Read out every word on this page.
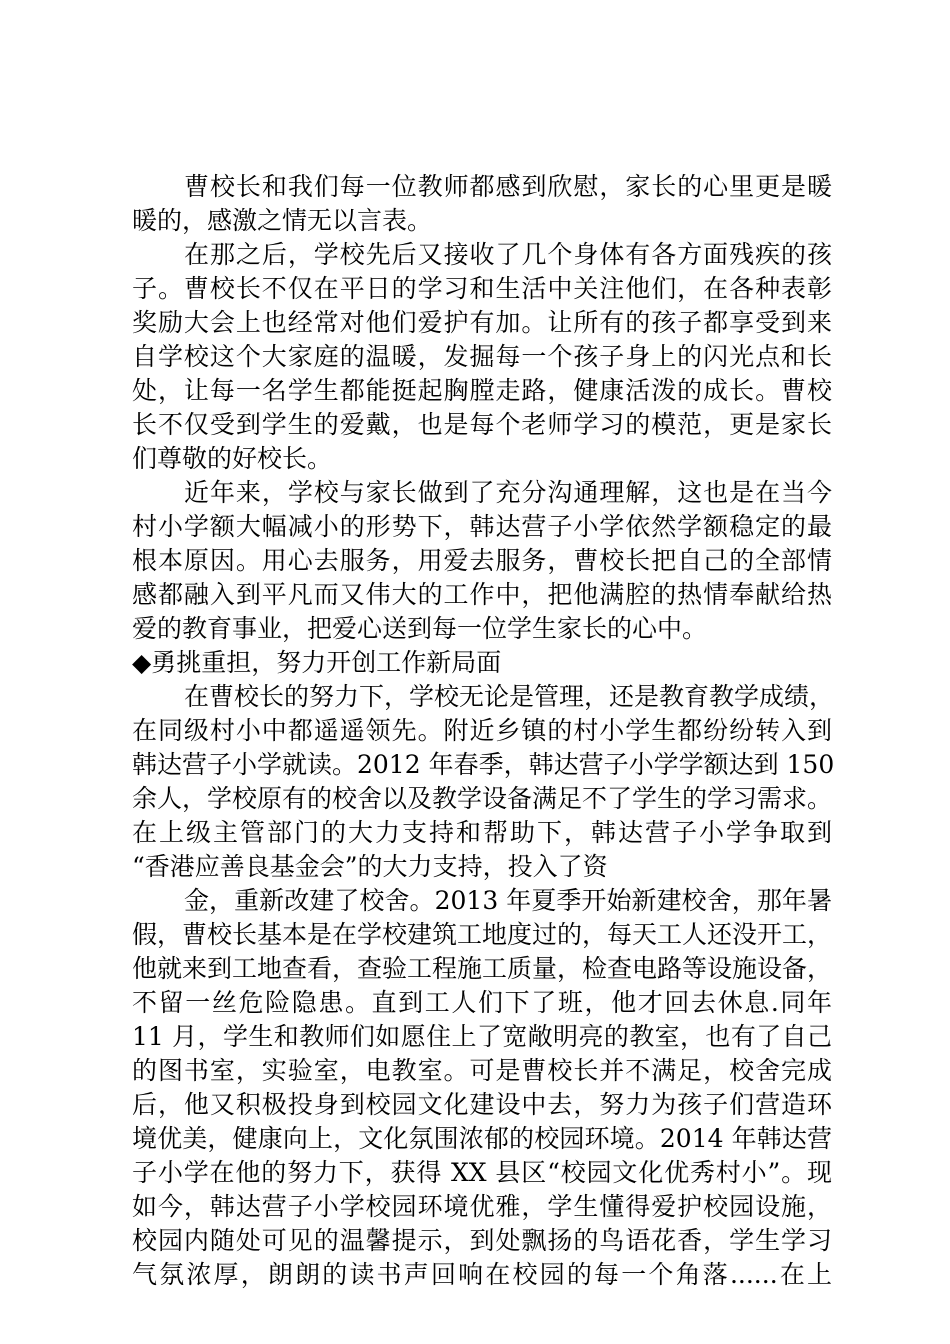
曹校长和我们每一位教师都感到欣慰，家长的心里更是暖
暖的，感激之情无以言表。
在那之后，学校先后又接收了几个身体有各方面残疾的孩
子。曹校长不仅在平日的学习和生活中关注他们，在各种表彰
奖励大会上也经常对他们爱护有加。让所有的孩子都享受到来
自学校这个大家庭的温暖，发掘每一个孩子身上的闪光点和长
处，让每一名学生都能挺起胸膛走路，健康活泼的成长。曹校
长不仅受到学生的爱戴，也是每个老师学习的模范，更是家长
们尊敬的好校长。
近年来，学校与家长做到了充分沟通理解，这也是在当今
村小学额大幅减小的形势下，韩达营子小学依然学额稳定的最
根本原因。用心去服务，用爱去服务，曹校长把自己的全部情
感都融入到平凡而又伟大的工作中，把他满腔的热情奉献给热
爱的教育事业，把爱心送到每一位学生家长的心中。
◆勇挑重担，努力开创工作新局面
在曹校长的努力下，学校无论是管理，还是教育教学成绩，
在同级村小中都遥遥领先。附近乡镇的村小学生都纷纷转入到
韩达营子小学就读。2012 年春季，韩达营子小学学额达到 150
余人，学校原有的校舍以及教学设备满足不了学生的学习需求。
在上级主管部门的大力支持和帮助下，韩达营子小学争取到
“香港应善良基金会”的大力支持，投入了资
金，重新改建了校舍。2013 年夏季开始新建校舍，那年暑
假，曹校长基本是在学校建筑工地度过的，每天工人还没开工，
他就来到工地查看，查验工程施工质量，检查电路等设施设备，
不留一丝危险隐患。直到工人们下了班，他才回去休息.同年
11 月，学生和教师们如愿住上了宽敞明亮的教室，也有了自己
的图书室，实验室，电教室。可是曹校长并不满足，校舍完成
后，他又积极投身到校园文化建设中去，努力为孩子们营造环
境优美，健康向上，文化氛围浓郁的校园环境。2014 年韩达营
子小学在他的努力下，获得 XX 县区“校园文化优秀村小”。现
如今，韩达营子小学校园环境优雅，学生懂得爱护校园设施，
校园内随处可见的温馨提示，到处飘扬的鸟语花香，学生学习
气氛浓厚，朗朗的读书声回响在校园的每一个角落......在上
